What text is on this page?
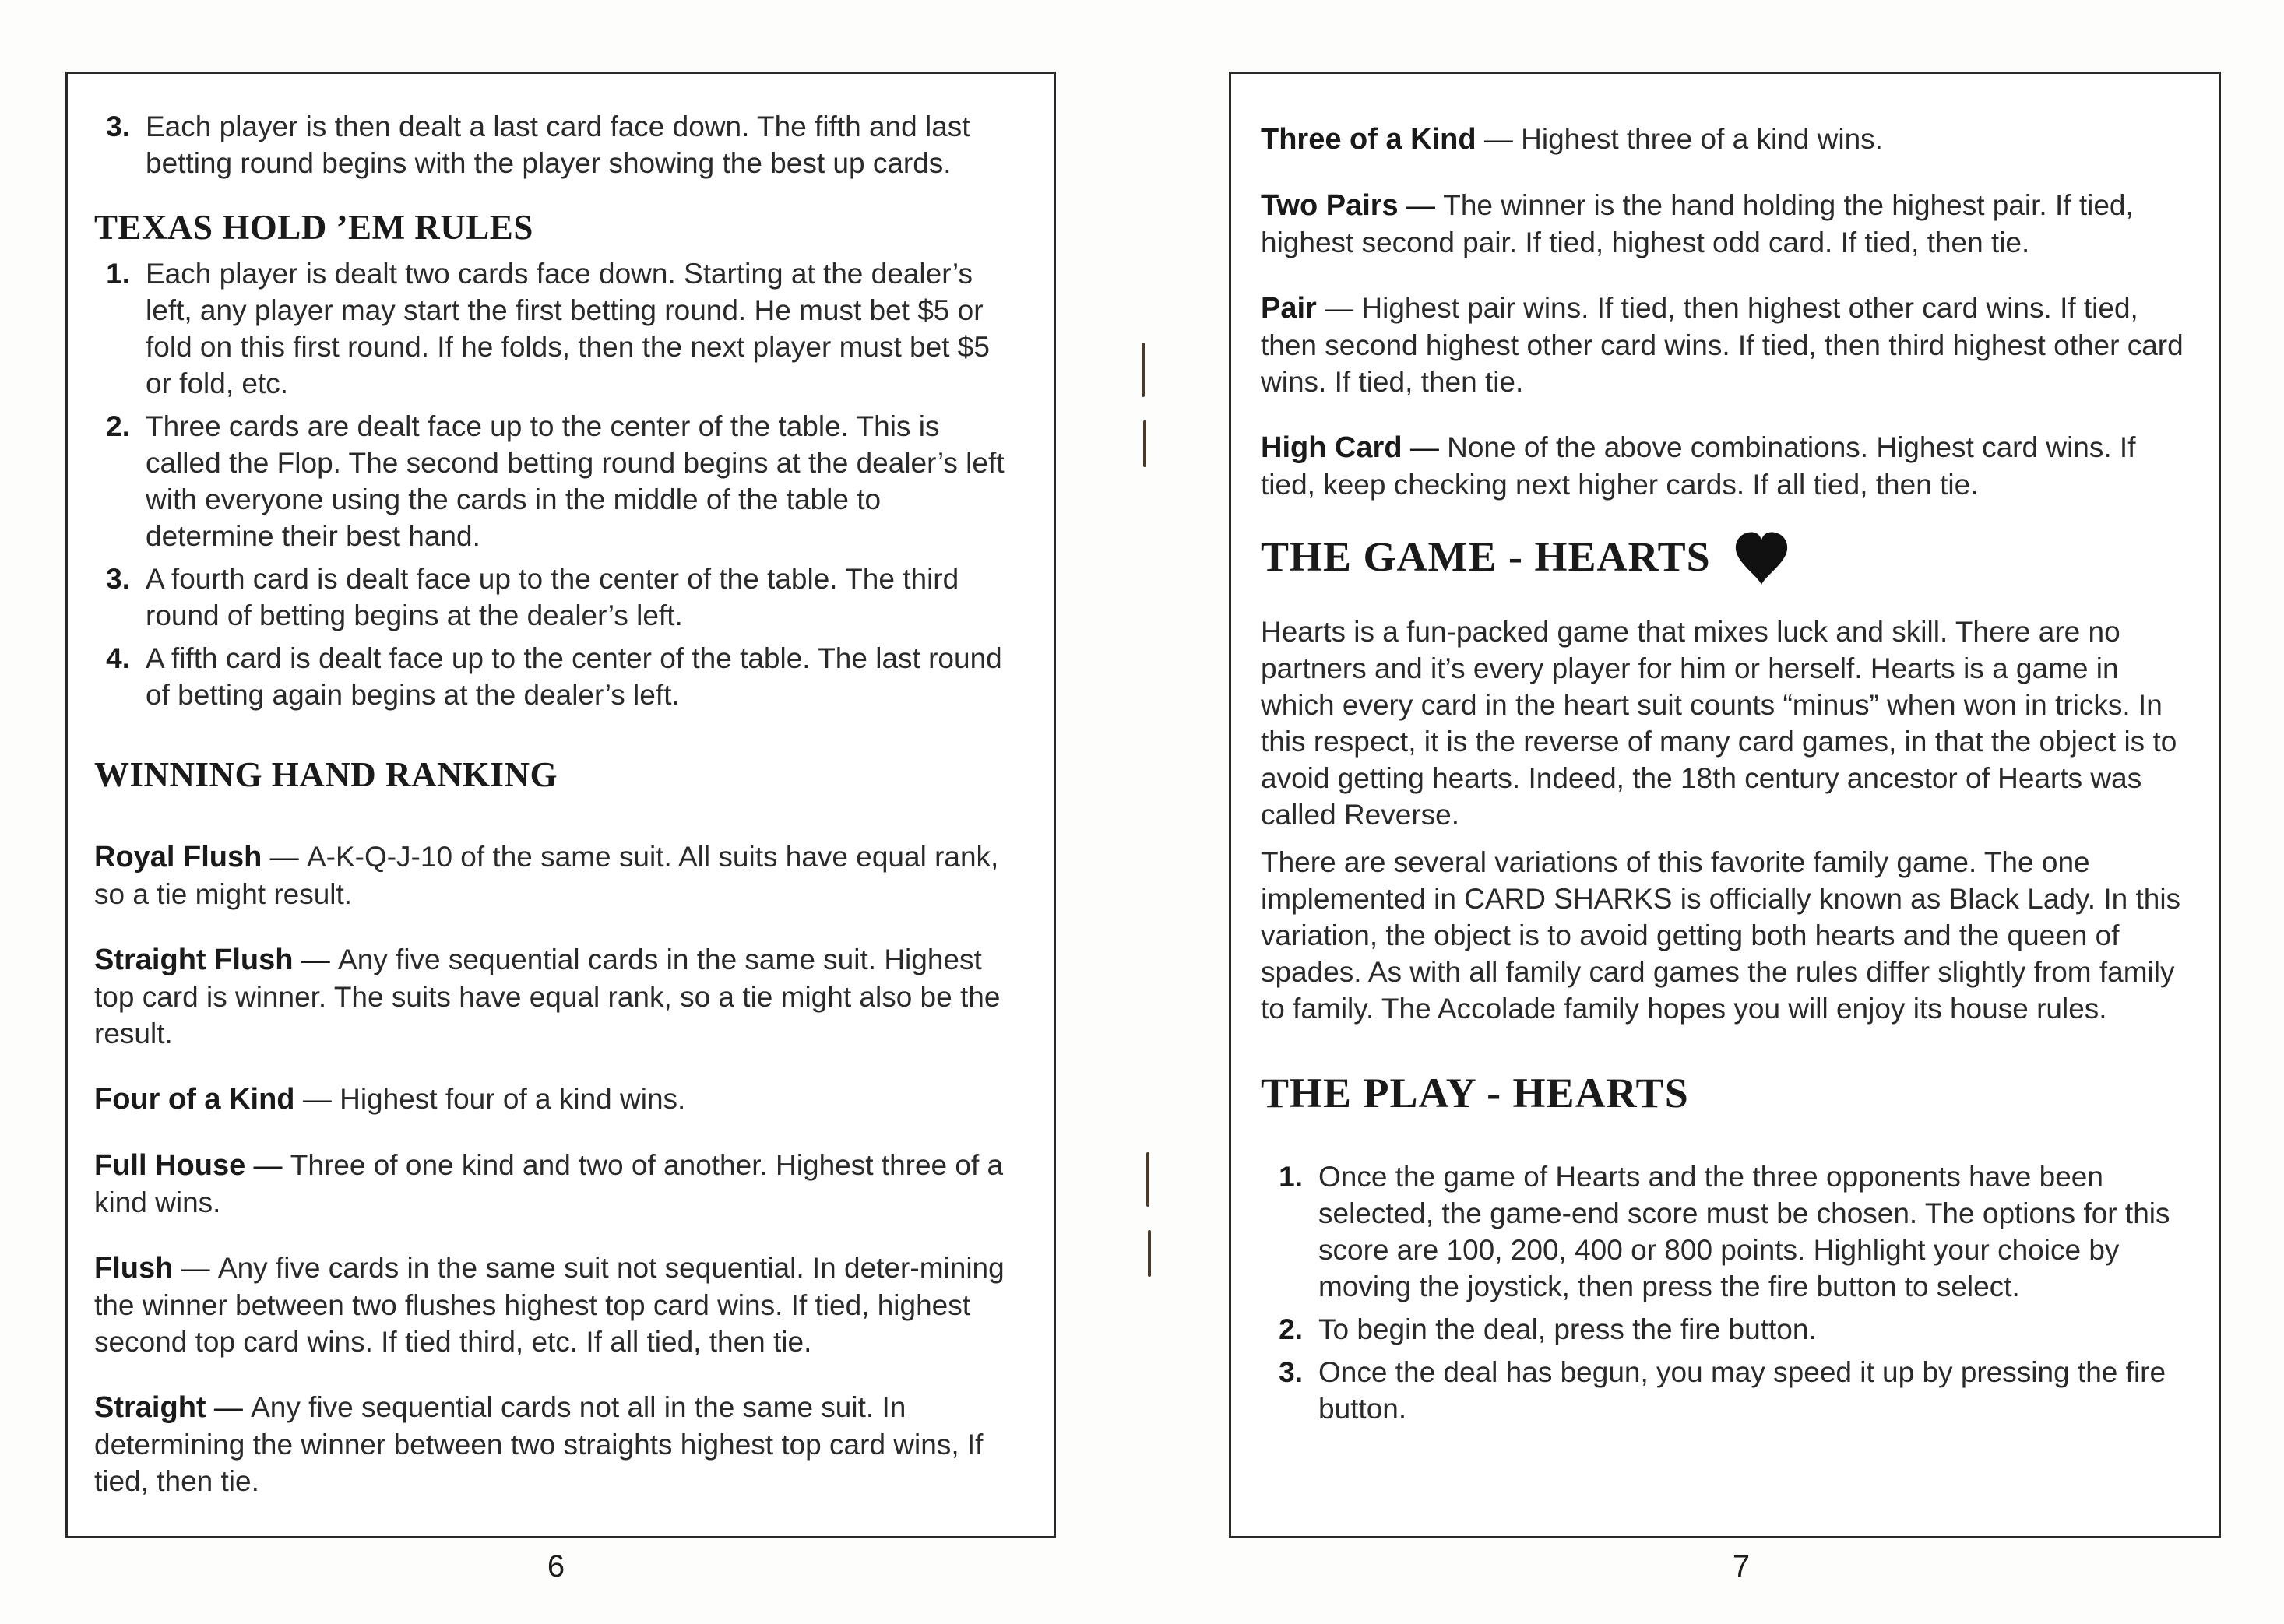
3. Each player is then dealt a last card face down. The fifth and last betting round begins with the player showing the best up cards.
TEXAS HOLD ’EM RULES
1. Each player is dealt two cards face down. Starting at the dealer’s left, any player may start the first betting round. He must bet $5 or fold on this first round. If he folds, then the next player must bet $5 or fold, etc.
2. Three cards are dealt face up to the center of the table. This is called the Flop. The second betting round begins at the dealer’s left with everyone using the cards in the middle of the table to determine their best hand.
3. A fourth card is dealt face up to the center of the table. The third round of betting begins at the dealer’s left.
4. A fifth card is dealt face up to the center of the table. The last round of betting again begins at the dealer’s left.
WINNING HAND RANKING

Royal Flush — A-K-Q-J-10 of the same suit. All suits have equal rank, so a tie might result.

Straight Flush — Any five sequential cards in the same suit. Highest top card is winner. The suits have equal rank, so a tie might also be the result.

Four of a Kind — Highest four of a kind wins.

Full House — Three of one kind and two of another. Highest three of a kind wins.

Flush — Any five cards in the same suit not sequential. In deter-mining the winner between two flushes highest top card wins. If tied, highest second top card wins. If tied third, etc. If all tied, then tie.

Straight — Any five sequential cards not all in the same suit. In determining the winner between two straights highest top card wins, If tied, then tie.

6

Three of a Kind — Highest three of a kind wins.

Two Pairs — The winner is the hand holding the highest pair. If tied, highest second pair. If tied, highest odd card. If tied, then tie.

Pair — Highest pair wins. If tied, then highest other card wins. If tied, then second highest other card wins. If tied, then third highest other card wins. If tied, then tie.

High Card — None of the above combinations. Highest card wins. If tied, keep checking next higher cards. If all tied, then tie.

THE GAME - HEARTS

Hearts is a fun-packed game that mixes luck and skill. There are no partners and it’s every player for him or herself. Hearts is a game in which every card in the heart suit counts “minus” when won in tricks. In this respect, it is the reverse of many card games, in that the object is to avoid getting hearts. Indeed, the 18th century ancestor of Hearts was called Reverse.

There are several variations of this favorite family game. The one implemented in CARD SHARKS is officially known as Black Lady. In this variation, the object is to avoid getting both hearts and the queen of spades. As with all family card games the rules differ slightly from family to family. The Accolade family hopes you will enjoy its house rules.

THE PLAY - HEARTS
1. Once the game of Hearts and the three opponents have been selected, the game-end score must be chosen. The options for this score are 100, 200, 400 or 800 points. Highlight your choice by moving the joystick, then press the fire button to select.
2. To begin the deal, press the fire button.
3. Once the deal has begun, you may speed it up by pressing the fire button.
7
